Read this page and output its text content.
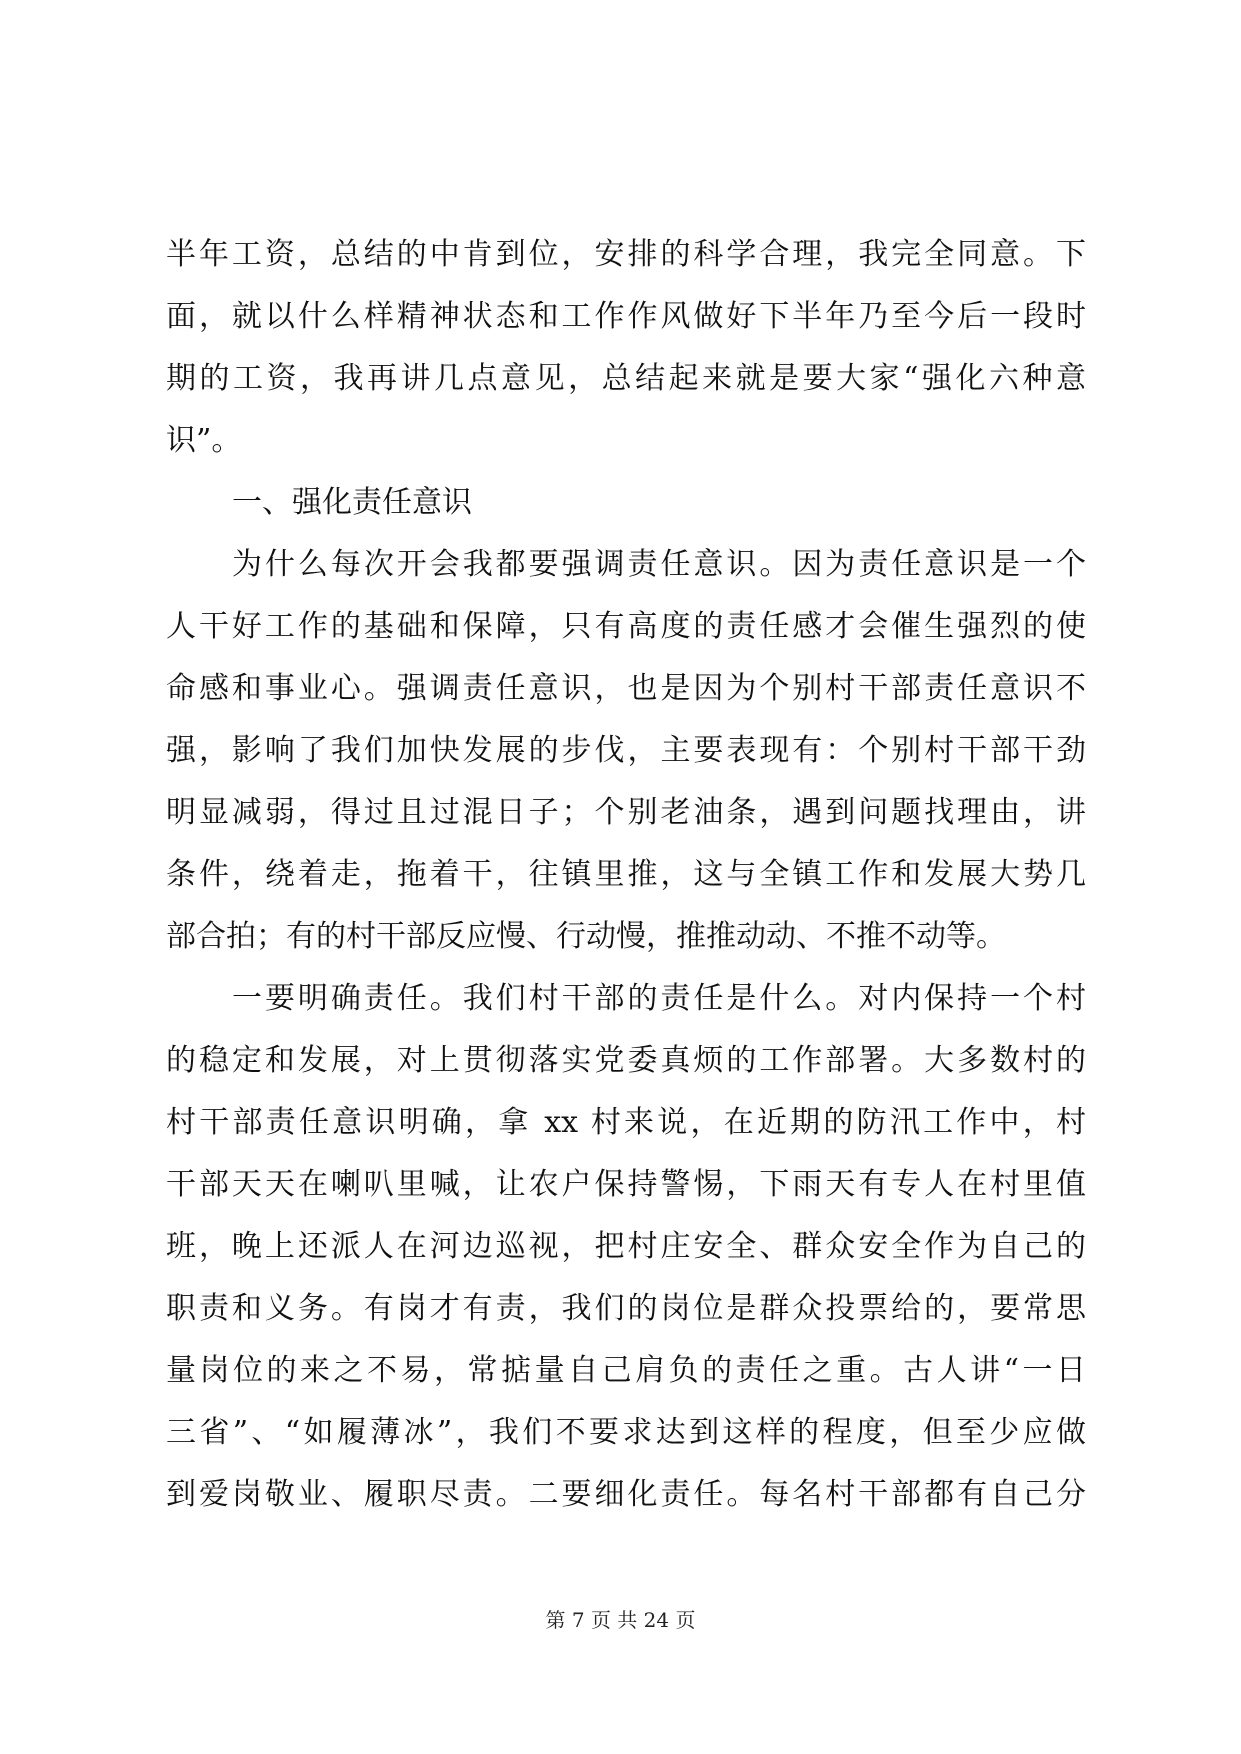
半年工资，总结的中肯到位，安排的科学合理，我完全同意。下
面，就以什么样精神状态和工作作风做好下半年乃至今后一段时
期的工资，我再讲几点意见，总结起来就是要大家“强化六种意
识”。
一、强化责任意识
为什么每次开会我都要强调责任意识。因为责任意识是一个
人干好工作的基础和保障，只有高度的责任感才会催生强烈的使
命感和事业心。强调责任意识，也是因为个别村干部责任意识不
强，影响了我们加快发展的步伐，主要表现有：个别村干部干劲
明显减弱，得过且过混日子；个别老油条，遇到问题找理由，讲
条件，绕着走，拖着干，往镇里推，这与全镇工作和发展大势几
部合拍；有的村干部反应慢、行动慢，推推动动、不推不动等。
一要明确责任。我们村干部的责任是什么。对内保持一个村
的稳定和发展，对上贯彻落实党委真烦的工作部署。大多数村的
村干部责任意识明确，拿 xx 村来说，在近期的防汛工作中，村
干部天天在喇叭里喊，让农户保持警惕，下雨天有专人在村里值
班，晚上还派人在河边巡视，把村庄安全、群众安全作为自己的
职责和义务。有岗才有责，我们的岗位是群众投票给的，要常思
量岗位的来之不易，常掂量自己肩负的责任之重。古人讲“一日
三省”、“如履薄冰”，我们不要求达到这样的程度，但至少应做
到爱岗敬业、履职尽责。二要细化责任。每名村干部都有自己分
第 7 页 共 24 页
